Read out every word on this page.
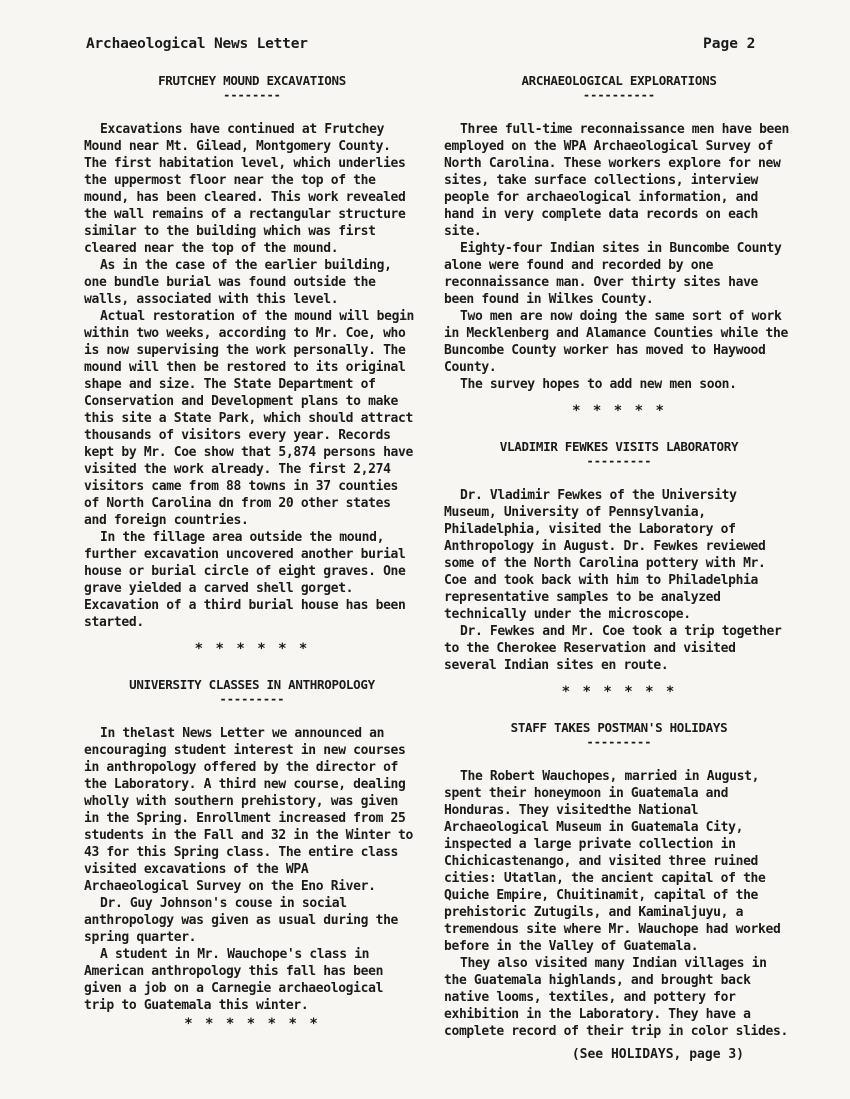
Archaeological News Letter	Page 2
FRUTCHEY MOUND EXCAVATIONS
--------

Excavations have continued at Frutchey Mound near Mt. Gilead, Montgomery County. The first habitation level, which underlies the uppermost floor near the top of the mound, has been cleared. This work revealed the wall remains of a rectangular structure similar to the building which was first cleared near the top of the mound.

As in the case of the earlier building, one bundle burial was found outside the walls, associated with this level.

Actual restoration of the mound will begin within two weeks, according to Mr. Coe, who is now supervising the work personally. The mound will then be restored to its original shape and size. The State Department of Conservation and Development plans to make this site a State Park, which should attract thousands of visitors every year. Records kept by Mr. Coe show that 5,874 persons have visited the work already. The first 2,274 visitors came from 88 towns in 37 counties of North Carolina dn from 20 other states and foreign countries.

In the fillage area outside the mound, further excavation uncovered another burial house or burial circle of eight graves. One grave yielded a carved shell gorget. Excavation of a third burial house has been started.

* * * * * *
UNIVERSITY CLASSES IN ANTHROPOLOGY
---------

In thelast News Letter we announced an encouraging student interest in new courses in anthropology offered by the director of the Laboratory. A third new course, dealing wholly with southern prehistory, was given in the Spring. Enrollment increased from 25 students in the Fall and 32 in the Winter to 43 for this Spring class. The entire class visited excavations of the WPA Archaeological Survey on the Eno River.

Dr. Guy Johnson's couse in social anthropology was given as usual during the spring quarter.

A student in Mr. Wauchope's class in American anthropology this fall has been given a job on a Carnegie archaeological trip to Guatemala this winter.

* * * * * * *
ARCHAEOLOGICAL EXPLORATIONS
----------

Three full-time reconnaissance men have been employed on the WPA Archaeological Survey of North Carolina. These workers explore for new sites, take surface collections, interview people for archaeological information, and hand in very complete data records on each site.

Eighty-four Indian sites in Buncombe County alone were found and recorded by one reconnaissance man. Over thirty sites have been found in Wilkes County.

Two men are now doing the same sort of work in Mecklenberg and Alamance Counties while the Buncombe County worker has moved to Haywood County.

The survey hopes to add new men soon.

* * * * *
VLADIMIR FEWKES VISITS LABORATORY
---------

Dr. Vladimir Fewkes of the University Museum, University of Pennsylvania, Philadelphia, visited the Laboratory of Anthropology in August. Dr. Fewkes reviewed some of the North Carolina pottery with Mr. Coe and took back with him to Philadelphia representative samples to be analyzed technically under the microscope.

Dr. Fewkes and Mr. Coe took a trip together to the Cherokee Reservation and visited several Indian sites en route.

* * * * * *
STAFF TAKES POSTMAN'S HOLIDAYS
---------

The Robert Wauchopes, married in August, spent their honeymoon in Guatemala and Honduras. They visitedthe National Archaeological Museum in Guatemala City, inspected a large private collection in Chichicastenango, and visited three ruined cities: Utatlan, the ancient capital of the Quiche Empire, Chuitinamit, capital of the prehistoric Zutugils, and Kaminaljuyu, a tremendous site where Mr. Wauchope had worked before in the Valley of Guatemala.

They also visited many Indian villages in the Guatemala highlands, and brought back native looms, textiles, and pottery for exhibition in the Laboratory. They have a complete record of their trip in color slides.

(See HOLIDAYS, page 3)
